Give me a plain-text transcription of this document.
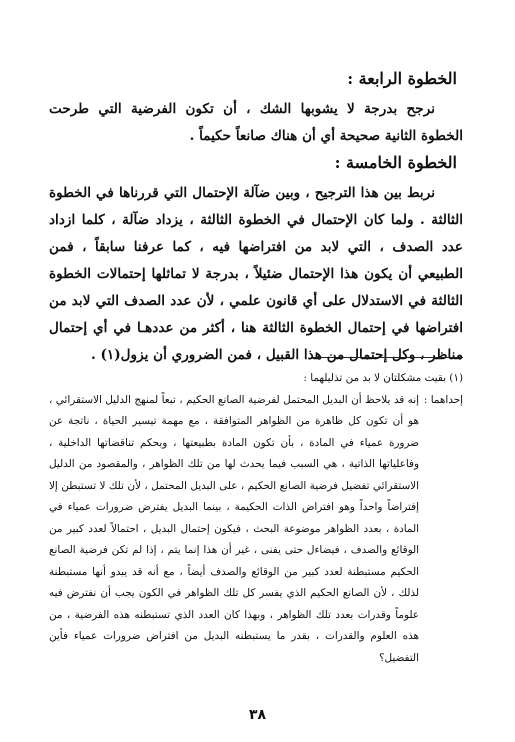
الخطوة الرابعة :

نرجح بدرجة لا يشوبها الشك ، أن تكون الفرضية التي طرحت الخطوة الثانية صحيحة أي أن هناك صانعاً حكيماً .

الخطوة الخامسة :

نربط بين هذا الترجيح ، وبين ضآلة الإحتمال التي قررناها في الخطوة الثالثة . ولما كان الإحتمال في الخطوة الثالثة ، يزداد ضآلة ، كلما ازداد عدد الصدف ، التي لابد من افتراضها فيه ، كما عرفنا سابقاً ، فمن الطبيعي أن يكون هذا الإحتمال ضئيلاً ، بدرجة لا تماثلها إحتمالات الخطوة الثالثة في الاستدلال على أي قانون علمي ، لأن عدد الصدف التي لابد من افتراضها في إحتمال الخطوة الثالثة هنا ، أكثر من عددهـا في أي إحتمال مناظر ، وكل إحتمال من هذا القبيل ، فمن الضروري أن يزول(١) .

(١) بقيت مشكلتان لا بد من تذليلهما :

إحداهما :
إنه قد يلاحظ أن البديل المحتمل لفرضية الصانع الحكيم ، تبعاً لمنهج الدليل الاستقرائي ، هو أن تكون كل ظاهرة من الظواهر المتوافقة ، مع مهمة تيسير الحياة ، ناتجة عن ضرورة عمياء في المادة ، بأن تكون المادة بطبيعتها ، وبحكم تناقضاتها الداخلية ، وفاعلياتها الذاتية ، هي السبب فيما يحدث لها من تلك الظواهر ، والمقصود من الدليل الاستقرائي تفضيل فرضية الصانع الحكيم ، على البديل المحتمل ، لأن تلك لا تستبطن إلا إفتراضاً واحداً وهو افتراض الذات الحكيمة ، بينما البديل يفترض ضرورات عمياء في المادة ، بعدد الظواهر موضوعة البحث ، فيكون إحتمال البديل ، احتمالاً لعدد كبير من الوقائع والصدف ، فيضاءل حتى يفنى ، غير أن هذا إنما يتم ، إذا لم تكن فرضية الصانع الحكيم مستبطنة لعدد كبير من الوقائع والصدف أيضاً ، مع أنه قد يبدو أنها مستبطنة لذلك ، لأن الصانع الحكيم الذي يفسر كل تلك الظواهر في الكون يجب أن نفترض فيه علوماً وقدرات بعدد تلك الظواهر ، وبهذا كان العدد الذي تستبطنه هذه الفرضية ، من هذه العلوم والقدرات ، بقدر ما يستبطنه البديل من افتراض ضرورات عمياء فأين التفضيل؟

٣٨
